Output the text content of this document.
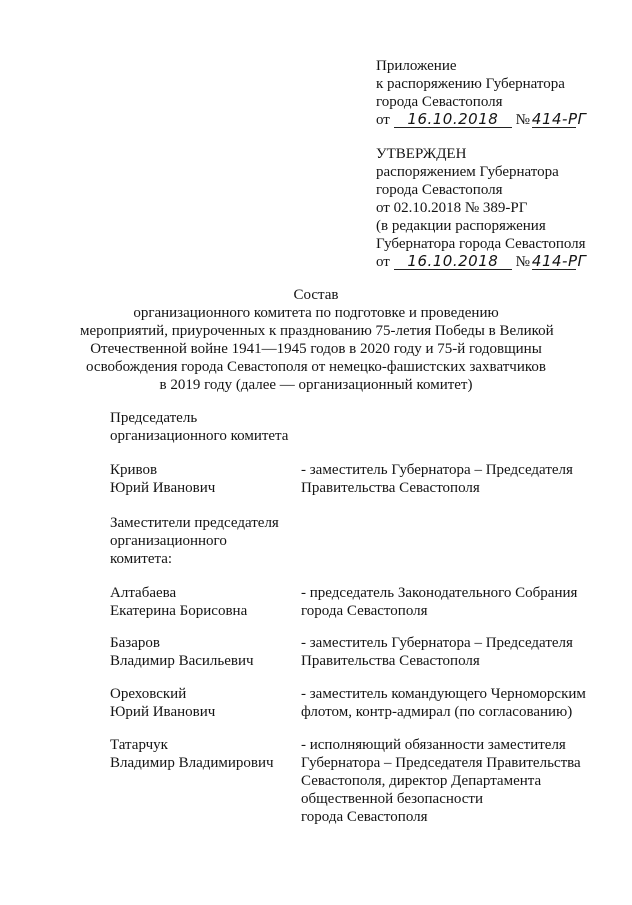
Приложение
к распоряжению Губернатора
города Севастополя
от 16.10.2018 № 414-РГ
УТВЕРЖДЕН
распоряжением Губернатора
города Севастополя
от 02.10.2018 № 389-РГ
(в редакции распоряжения
Губернатора города Севастополя
от 16.10.2018 № 414-РГ
Состав
организационного комитета по подготовке и проведению
мероприятий, приуроченных к празднованию 75-летия Победы в Великой
Отечественной войне 1941—1945 годов в 2020 году и 75-й годовщины
освобождения города Севастополя от немецко-фашистских захватчиков
в 2019 году (далее — организационный комитет)
Председатель
организационного комитета
Кривов
Юрий Иванович
- заместитель Губернатора – Председателя
Правительства Севастополя
Заместители председателя
организационного
комитета:
Алтабаева
Екатерина Борисовна
- председатель Законодательного Собрания
города Севастополя
Базаров
Владимир Васильевич
- заместитель Губернатора – Председателя
Правительства Севастополя
Ореховский
Юрий Иванович
- заместитель командующего Черноморским
флотом, контр-адмирал (по согласованию)
Татарчук
Владимир Владимирович
- исполняющий обязанности заместителя
Губернатора – Председателя Правительства
Севастополя, директор Департамента
общественной безопасности
города Севастополя
